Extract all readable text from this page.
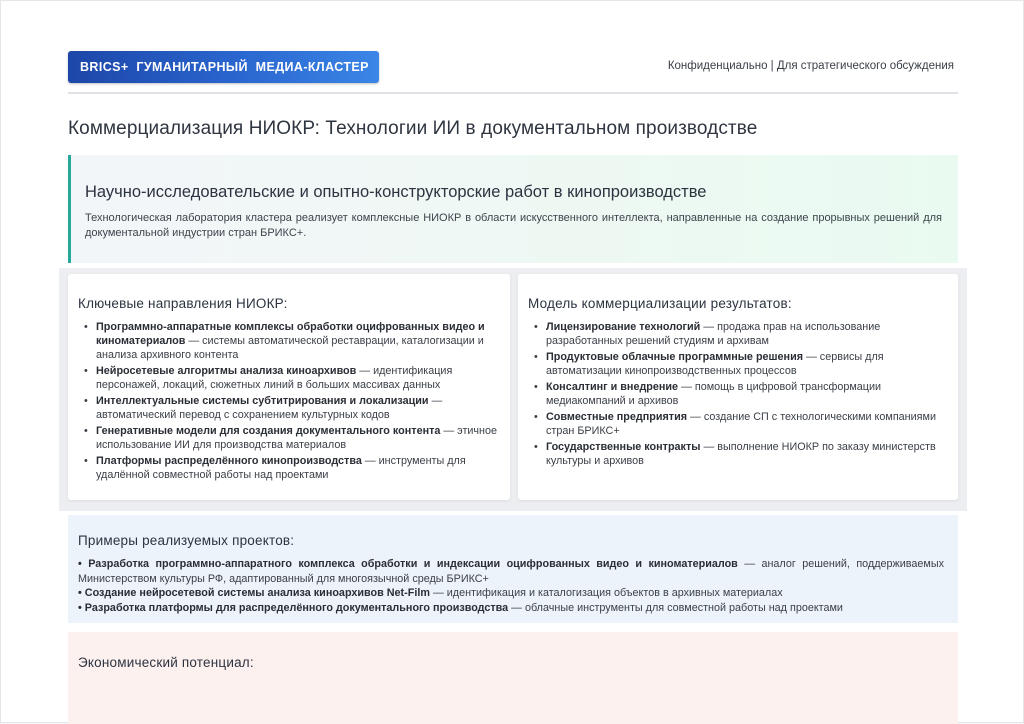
BRICS+  ГУМАНИТАРНЫЙ  МЕДИА-КЛАСТЕР	Конфиденциально | Для стратегического обсуждения
Коммерциализация НИОКР: Технологии ИИ в документальном производстве
Научно-исследовательские и опытно-конструкторские работ в кинопроизводстве

Технологическая лаборатория кластера реализует комплексные НИОКР в области искусственного интеллекта, направленные на создание прорывных решений для документальной индустрии стран БРИКС+.

Ключевые направления НИОКР:
• Программно-аппаратные комплексы обработки оцифрованных видео и киноматериалов — системы автоматической реставрации, каталогизации и анализа архивного контента
• Нейросетевые алгоритмы анализа киноархивов — идентификация персонажей, локаций, сюжетных линий в больших массивах данных
• Интеллектуальные системы субтитрирования и локализации — автоматический перевод с сохранением культурных кодов
• Генеративные модели для создания документального контента — этичное использование ИИ для производства материалов
• Платформы распределённого кинопроизводства — инструменты для удалённой совместной работы над проектами
Модель коммерциализации результатов:
• Лицензирование технологий — продажа прав на использование разработанных решений студиям и архивам
• Продуктовые облачные программные решения — сервисы для автоматизации кинопроизводственных процессов
• Консалтинг и внедрение — помощь в цифровой трансформации медиакомпаний и архивов
• Совместные предприятия — создание СП с технологическими компаниями стран БРИКС+
• Государственные контракты — выполнение НИОКР по заказу министерств культуры и архивов
Примеры реализуемых проектов:
• Разработка программно-аппаратного комплекса обработки и индексации оцифрованных видео и киноматериалов — аналог решений, поддерживаемых Министерством культуры РФ, адаптированный для многоязычной среды БРИКС+
• Создание нейросетевой системы анализа киноархивов Net-Film — идентификация и каталогизация объектов в архивных материалах
• Разработка платформы для распределённого документального производства — облачные инструменты для совместной работы над проектами
Экономический потенциал:
